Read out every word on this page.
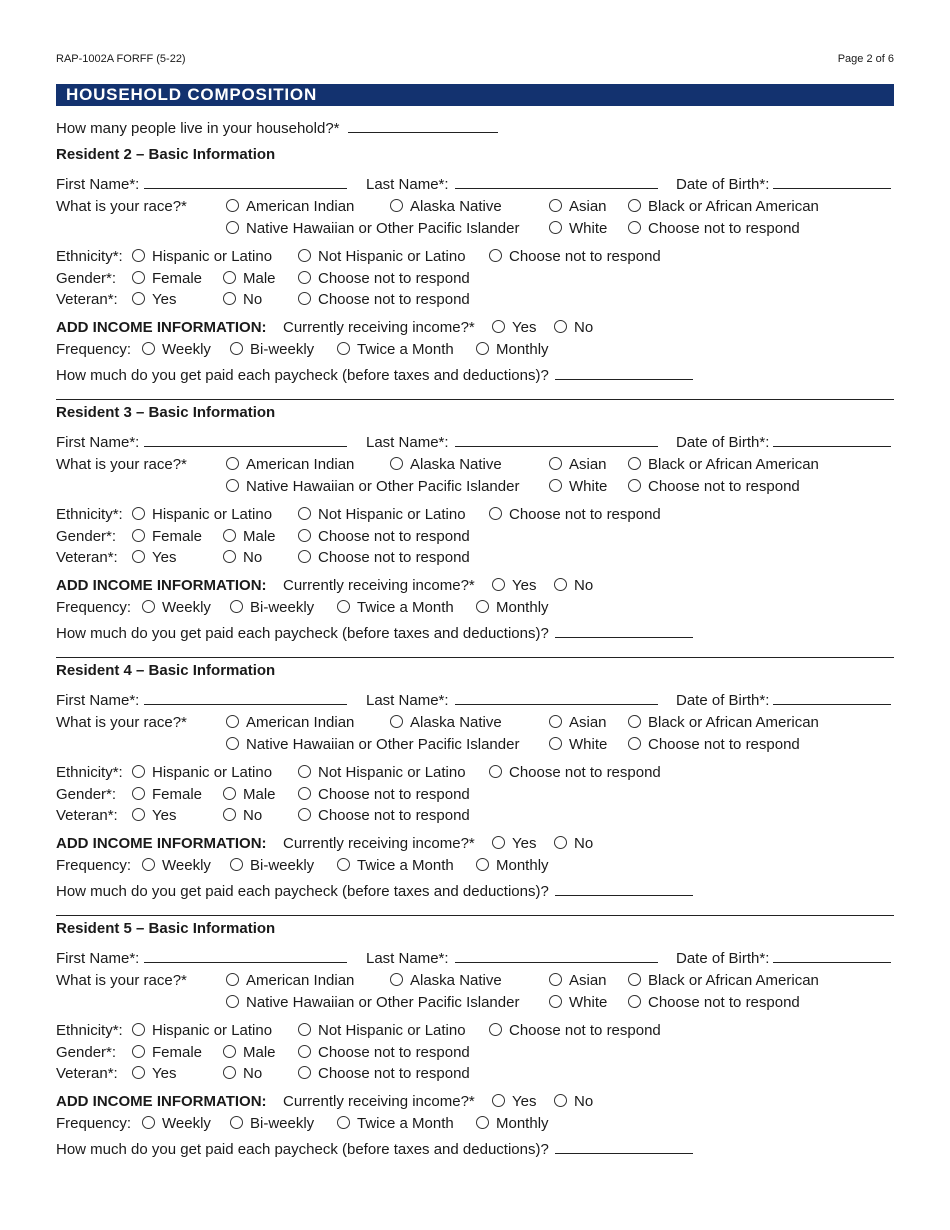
RAP-1002A FORFF (5-22)	Page 2 of 6
HOUSEHOLD COMPOSITION
How many people live in your household?*
Resident 2 – Basic Information
First Name*:	Last Name*:	Date of Birth*:
What is your race?*	American Indian	Alaska Native	Asian	Black or African American
Native Hawaiian or Other Pacific Islander	White	Choose not to respond
Ethnicity*:	Hispanic or Latino	Not Hispanic or Latino	Choose not to respond
Gender*:	Female	Male	Choose not to respond
Veteran*:	Yes	No	Choose not to respond
ADD INCOME INFORMATION: Currently receiving income?*	Yes	No
Frequency:	Weekly	Bi-weekly	Twice a Month	Monthly
How much do you get paid each paycheck (before taxes and deductions)?
Resident 3 – Basic Information
First Name*:	Last Name*:	Date of Birth*:
What is your race?*	American Indian	Alaska Native	Asian	Black or African American
Native Hawaiian or Other Pacific Islander	White	Choose not to respond
Ethnicity*:	Hispanic or Latino	Not Hispanic or Latino	Choose not to respond
Gender*:	Female	Male	Choose not to respond
Veteran*:	Yes	No	Choose not to respond
ADD INCOME INFORMATION: Currently receiving income?*	Yes	No
Frequency:	Weekly	Bi-weekly	Twice a Month	Monthly
How much do you get paid each paycheck (before taxes and deductions)?
Resident 4 – Basic Information
First Name*:	Last Name*:	Date of Birth*:
What is your race?*	American Indian	Alaska Native	Asian	Black or African American
Native Hawaiian or Other Pacific Islander	White	Choose not to respond
Ethnicity*:	Hispanic or Latino	Not Hispanic or Latino	Choose not to respond
Gender*:	Female	Male	Choose not to respond
Veteran*:	Yes	No	Choose not to respond
ADD INCOME INFORMATION: Currently receiving income?*	Yes	No
Frequency:	Weekly	Bi-weekly	Twice a Month	Monthly
How much do you get paid each paycheck (before taxes and deductions)?
Resident 5 – Basic Information
First Name*:	Last Name*:	Date of Birth*:
What is your race?*	American Indian	Alaska Native	Asian	Black or African American
Native Hawaiian or Other Pacific Islander	White	Choose not to respond
Ethnicity*:	Hispanic or Latino	Not Hispanic or Latino	Choose not to respond
Gender*:	Female	Male	Choose not to respond
Veteran*:	Yes	No	Choose not to respond
ADD INCOME INFORMATION: Currently receiving income?*	Yes	No
Frequency:	Weekly	Bi-weekly	Twice a Month	Monthly
How much do you get paid each paycheck (before taxes and deductions)?
